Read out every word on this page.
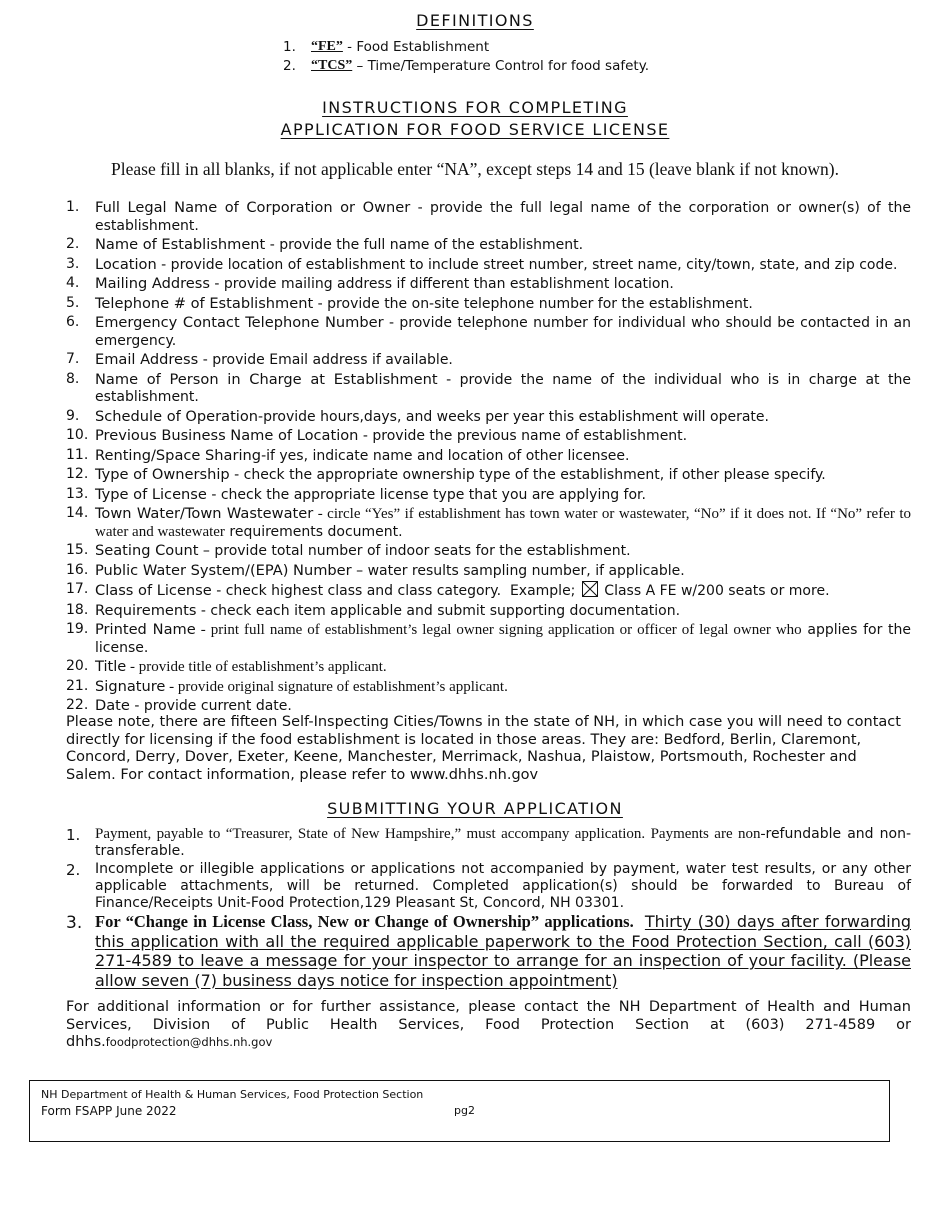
DEFINITIONS
1.	“FE” - Food Establishment
2.	“TCS” – Time/Temperature Control for food safety.
INSTRUCTIONS FOR COMPLETING
APPLICATION FOR FOOD SERVICE LICENSE
Please fill in all blanks, if not applicable enter “NA”, except steps 14 and 15 (leave blank if not known).
1.	Full Legal Name of Corporation or Owner - provide the full legal name of the corporation or owner(s) of the establishment.
2.	Name of Establishment - provide the full name of the establishment.
3.	Location - provide location of establishment to include street number, street name, city/town, state, and zip code.
4.	Mailing Address - provide mailing address if different than establishment location.
5.	Telephone # of Establishment - provide the on-site telephone number for the establishment.
6.	Emergency Contact Telephone Number - provide telephone number for individual who should be contacted in an emergency.
7.	Email Address - provide Email address if available.
8.	Name of Person in Charge at Establishment - provide the name of the individual who is in charge at the establishment.
9.	Schedule of Operation-provide hours,days, and weeks per year this establishment will operate.
10. Previous Business Name of Location - provide the previous name of establishment.
11. Renting/Space Sharing-if yes, indicate name and location of other licensee.
12. Type of Ownership - check the appropriate ownership type of the establishment, if other please specify.
13. Type of License - check the appropriate license type that you are applying for.
14. Town Water/Town Wastewater - circle “Yes” if establishment has town water or wastewater, “No” if it does not. If “No” refer to water and wastewater requirements document.
15. Seating Count – provide total number of indoor seats for the establishment.
16. Public Water System/(EPA) Number – water results sampling number, if applicable.
17. Class of License - check highest class and class category.  Example;
Class A FE w/200 seats or more.
18. Requirements - check each item applicable and submit supporting documentation.
19. Printed Name - print full name of establishment’s legal owner signing application or officer of legal owner who applies for the license.
20. Title - provide title of establishment’s applicant.
21. Signature - provide original signature of establishment’s applicant.
22. Date - provide current date.
Please note, there are fifteen Self-Inspecting Cities/Towns in the state of NH, in which case you will need to contact directly for licensing if the food establishment is located in those areas. They are: Bedford, Berlin, Claremont, Concord, Derry, Dover, Exeter, Keene, Manchester, Merrimack, Nashua, Plaistow, Portsmouth, Rochester and Salem. For contact information, please refer to www.dhhs.nh.gov
SUBMITTING YOUR APPLICATION
1. Payment, payable to “Treasurer, State of New Hampshire,” must accompany application. Payments are non-refundable and non-transferable.
2.	Incomplete or illegible applications or applications not accompanied by payment, water test results, or any other applicable attachments, will be returned. Completed application(s) should be forwarded to Bureau of Finance/Receipts Unit-Food Protection,129 Pleasant St, Concord, NH 03301.
3. For “Change in License Class, New or Change of Ownership” applications. Thirty (30) days after forwarding this application with all the required applicable paperwork to the Food Protection Section, call (603) 271-4589 to leave a message for your inspector to arrange for an inspection of your facility. (Please allow seven (7) business days notice for inspection appointment)
For additional information or for further assistance, please contact the NH Department of Health and Human Services, Division of Public Health Services, Food Protection Section at (603) 271-4589 or dhhs.foodprotection@dhhs.nh.gov
NH Department of Health & Human Services, Food Protection Section
Form FSAPP June 2022	pg2
